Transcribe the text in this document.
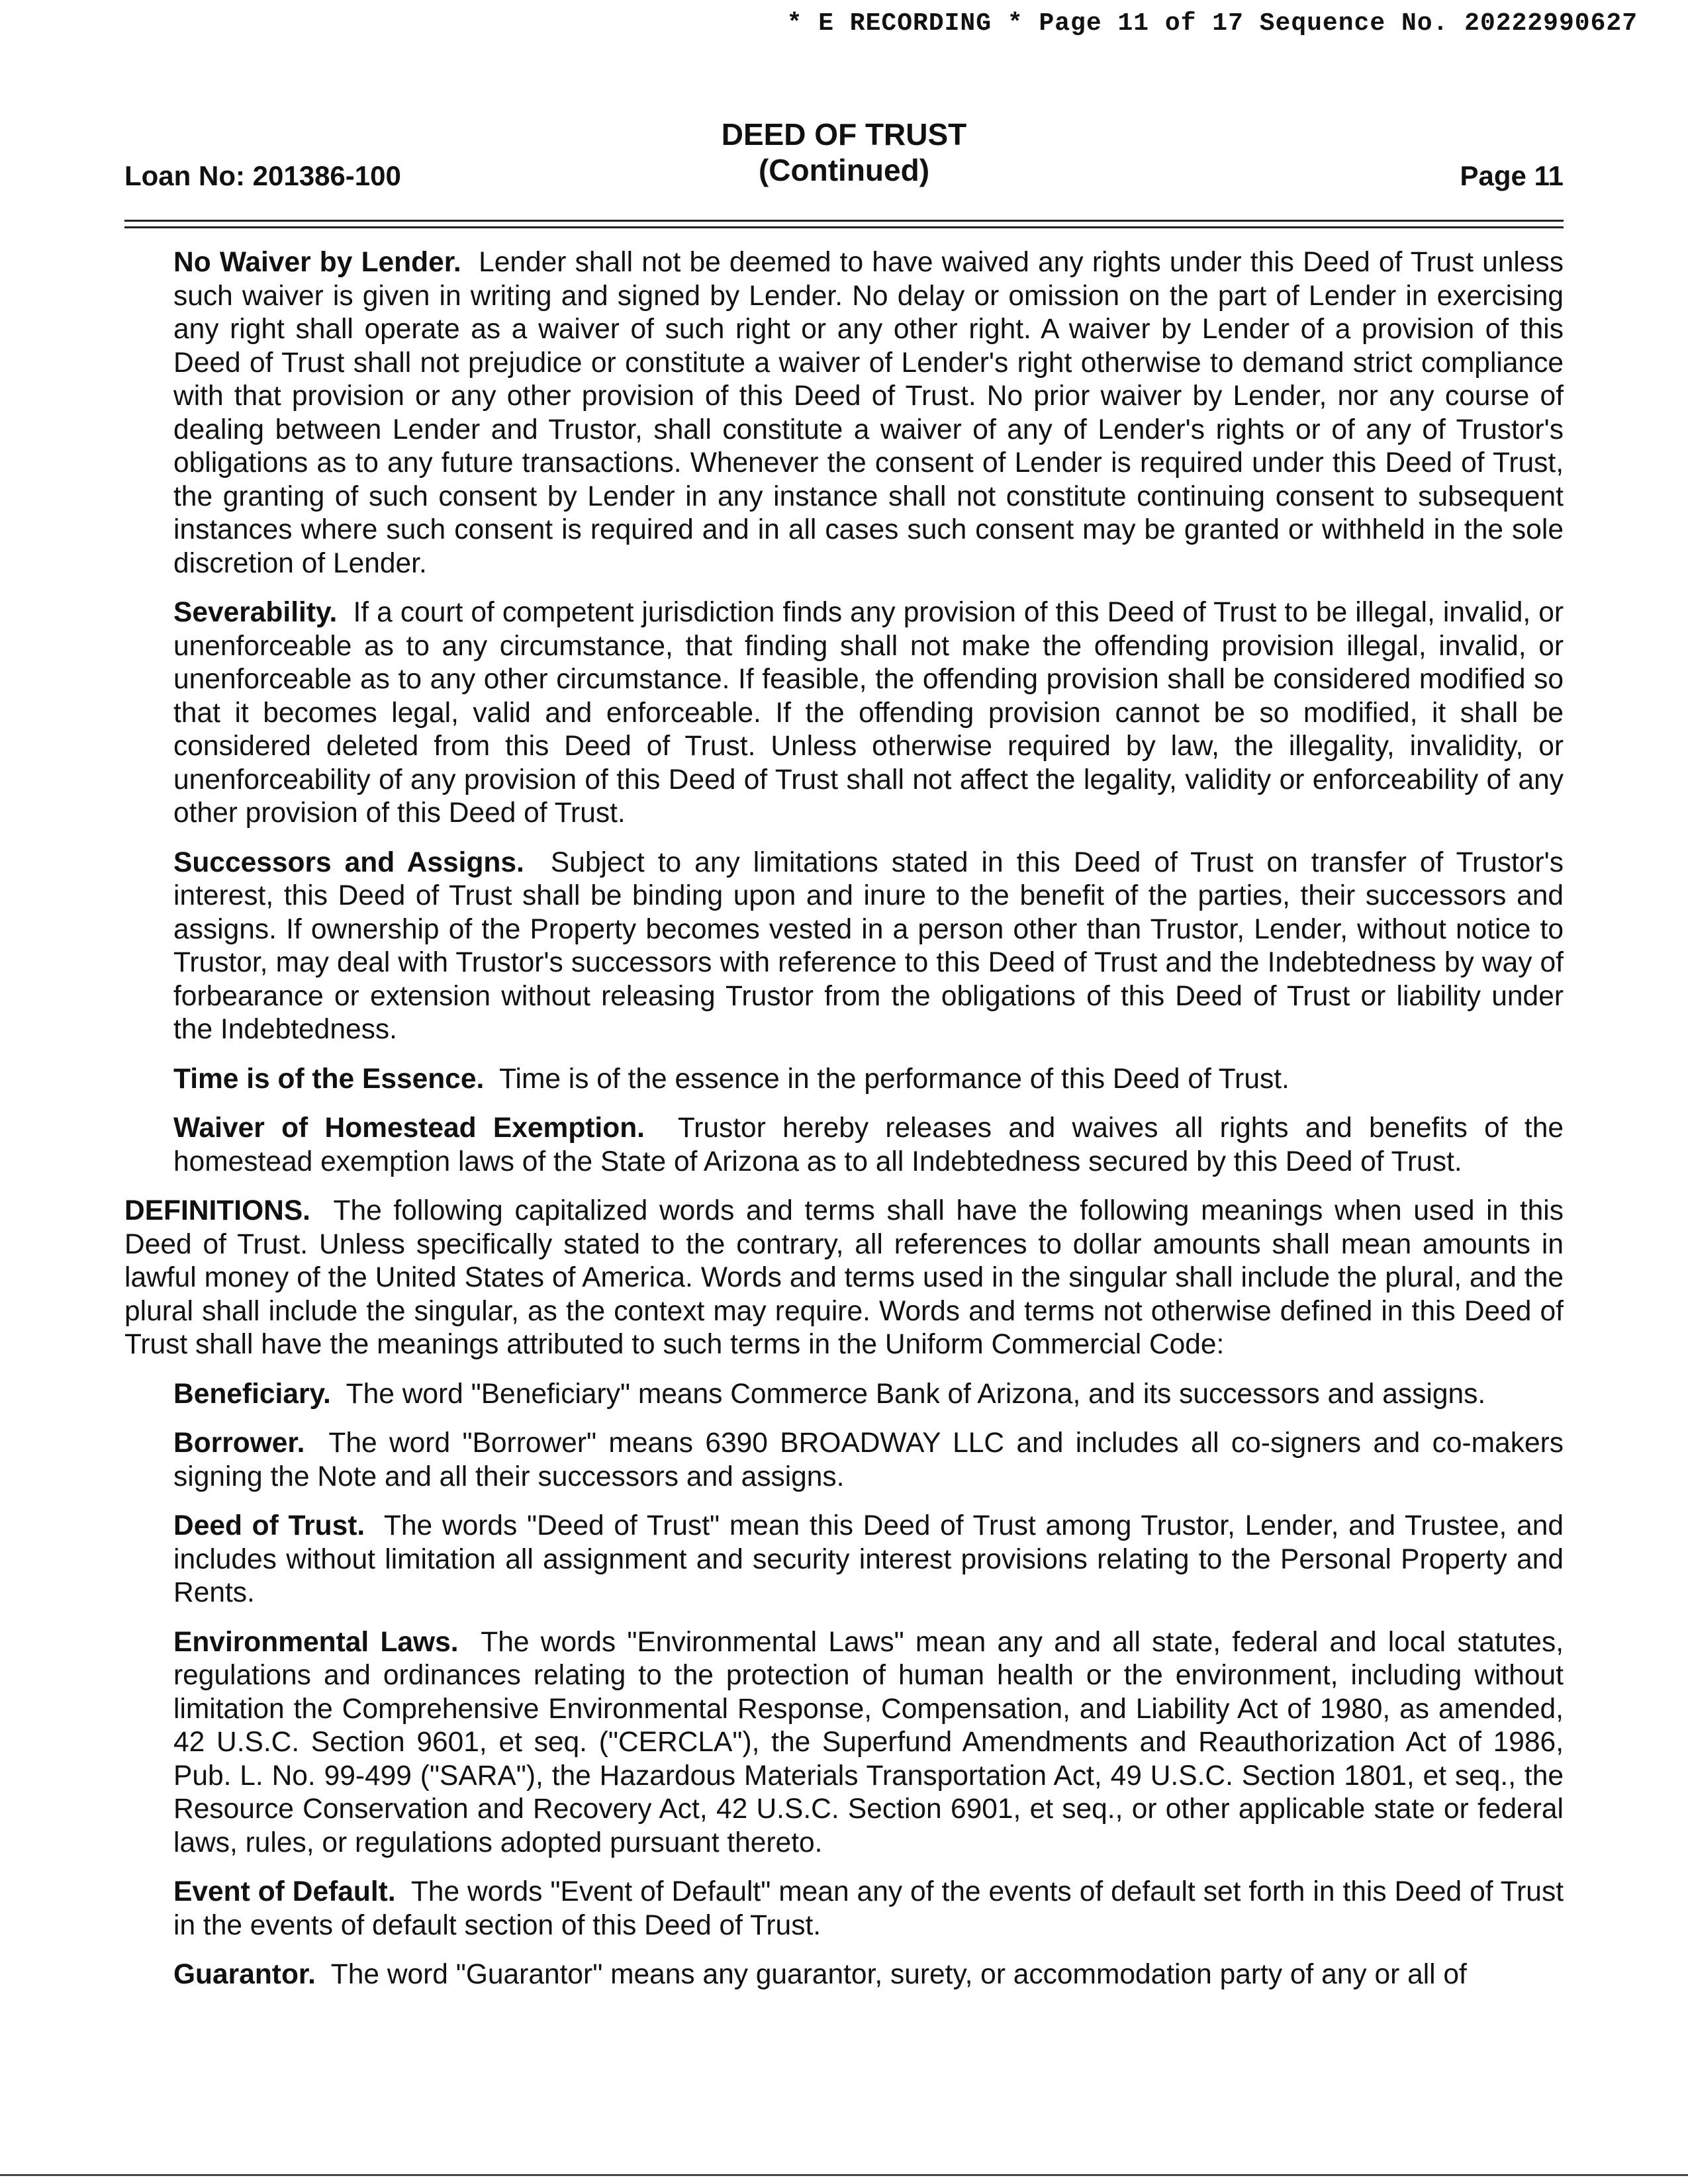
* E RECORDING * Page 11 of 17 Sequence No. 20222990627
Loan No: 201386-100
DEED OF TRUST
(Continued)	Page 11

No Waiver by Lender. Lender shall not be deemed to have waived any rights under this Deed of Trust unless such waiver is given in writing and signed by Lender. No delay or omission on the part of Lender in exercising any right shall operate as a waiver of such right or any other right. A waiver by Lender of a provision of this Deed of Trust shall not prejudice or constitute a waiver of Lender's right otherwise to demand strict compliance with that provision or any other provision of this Deed of Trust. No prior waiver by Lender, nor any course of dealing between Lender and Trustor, shall constitute a waiver of any of Lender's rights or of any of Trustor's obligations as to any future transactions. Whenever the consent of Lender is required under this Deed of Trust, the granting of such consent by Lender in any instance shall not constitute continuing consent to subsequent instances where such consent is required and in all cases such consent may be granted or withheld in the sole discretion of Lender.

Severability. If a court of competent jurisdiction finds any provision of this Deed of Trust to be illegal, invalid, or unenforceable as to any circumstance, that finding shall not make the offending provision illegal, invalid, or unenforceable as to any other circumstance. If feasible, the offending provision shall be considered modified so that it becomes legal, valid and enforceable. If the offending provision cannot be so modified, it shall be considered deleted from this Deed of Trust. Unless otherwise required by law, the illegality, invalidity, or unenforceability of any provision of this Deed of Trust shall not affect the legality, validity or enforceability of any other provision of this Deed of Trust.

Successors and Assigns. Subject to any limitations stated in this Deed of Trust on transfer of Trustor's interest, this Deed of Trust shall be binding upon and inure to the benefit of the parties, their successors and assigns. If ownership of the Property becomes vested in a person other than Trustor, Lender, without notice to Trustor, may deal with Trustor's successors with reference to this Deed of Trust and the Indebtedness by way of forbearance or extension without releasing Trustor from the obligations of this Deed of Trust or liability under the Indebtedness.

Time is of the Essence. Time is of the essence in the performance of this Deed of Trust.

Waiver of Homestead Exemption. Trustor hereby releases and waives all rights and benefits of the homestead exemption laws of the State of Arizona as to all Indebtedness secured by this Deed of Trust.

DEFINITIONS. The following capitalized words and terms shall have the following meanings when used in this Deed of Trust. Unless specifically stated to the contrary, all references to dollar amounts shall mean amounts in lawful money of the United States of America. Words and terms used in the singular shall include the plural, and the plural shall include the singular, as the context may require. Words and terms not otherwise defined in this Deed of Trust shall have the meanings attributed to such terms in the Uniform Commercial Code:

Beneficiary. The word "Beneficiary" means Commerce Bank of Arizona, and its successors and assigns.

Borrower. The word "Borrower" means 6390 BROADWAY LLC and includes all co-signers and co-makers signing the Note and all their successors and assigns.

Deed of Trust. The words "Deed of Trust" mean this Deed of Trust among Trustor, Lender, and Trustee, and includes without limitation all assignment and security interest provisions relating to the Personal Property and Rents.

Environmental Laws. The words "Environmental Laws" mean any and all state, federal and local statutes, regulations and ordinances relating to the protection of human health or the environment, including without limitation the Comprehensive Environmental Response, Compensation, and Liability Act of 1980, as amended, 42 U.S.C. Section 9601, et seq. ("CERCLA"), the Superfund Amendments and Reauthorization Act of 1986, Pub. L. No. 99-499 ("SARA"), the Hazardous Materials Transportation Act, 49 U.S.C. Section 1801, et seq., the Resource Conservation and Recovery Act, 42 U.S.C. Section 6901, et seq., or other applicable state or federal laws, rules, or regulations adopted pursuant thereto.

Event of Default. The words "Event of Default" mean any of the events of default set forth in this Deed of Trust in the events of default section of this Deed of Trust.

Guarantor. The word "Guarantor" means any guarantor, surety, or accommodation party of any or all of
